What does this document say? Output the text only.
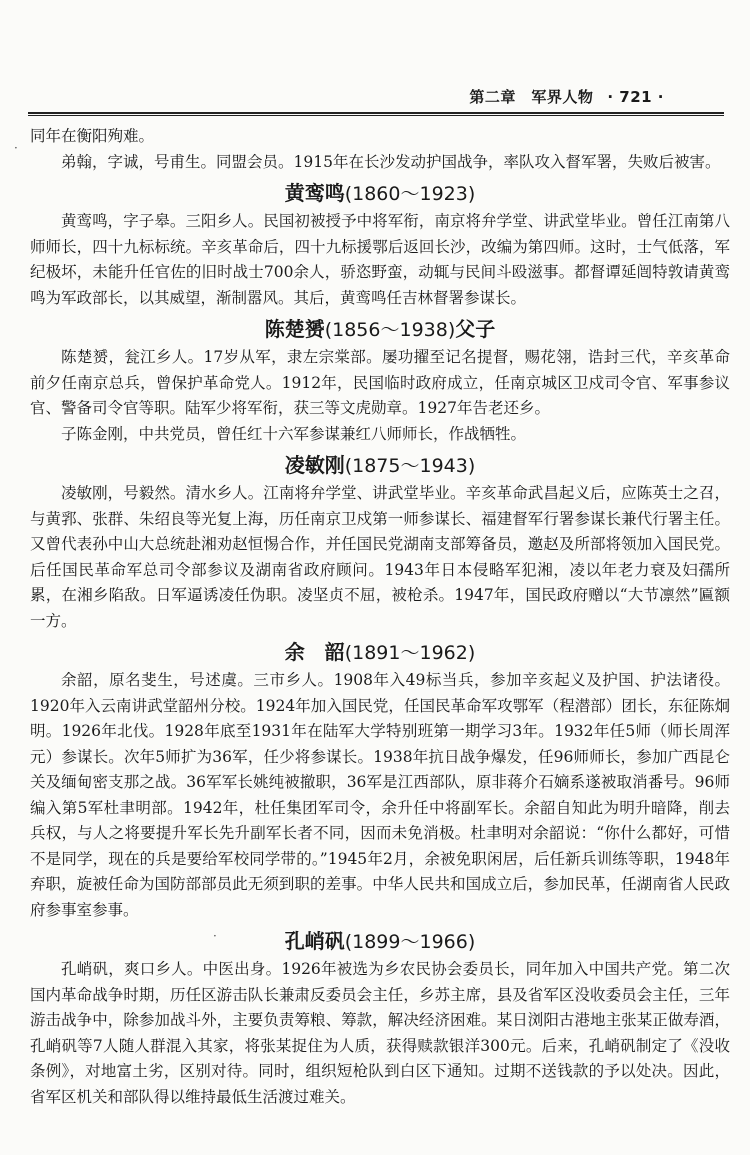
第二章　军界人物 · 721 ·
·
·

同年在衡阳殉难。

弟翰，字诚，号甫生。同盟会员。1915年在长沙发动护国战争，率队攻入督军署，失败后被害。

黄鸾鸣(1860～1923)

黄鸾鸣，字子皋。三阳乡人。民国初被授予中将军衔，南京将弁学堂、讲武堂毕业。曾任江南第八师师长，四十九标标统。辛亥革命后，四十九标援鄂后返回长沙，改编为第四师。这时，士气低落，军纪极坏，未能升任官佐的旧时战士700余人，骄恣野蛮，动辄与民间斗殴滋事。都督谭延闿特敦请黄鸾鸣为军政部长，以其威望，渐制嚣风。其后，黄鸾鸣任吉林督署参谋长。

陈楚赟(1856～1938)父子

陈楚赟，瓮江乡人。17岁从军，隶左宗棠部。屡功擢至记名提督，赐花翎，诰封三代，辛亥革命前夕任南京总兵，曾保护革命党人。1912年，民国临时政府成立，任南京城区卫戍司令官、军事参议官、警备司令官等职。陆军少将军衔，获三等文虎勋章。1927年告老还乡。

子陈金刚，中共党员，曾任红十六军参谋兼红八师师长，作战牺牲。

凌敏刚(1875～1943)

凌敏刚，号毅然。清水乡人。江南将弁学堂、讲武堂毕业。辛亥革命武昌起义后，应陈英士之召，与黄郛、张群、朱绍良等光复上海，历任南京卫戍第一师参谋长、福建督军行署参谋长兼代行署主任。又曾代表孙中山大总统赴湘劝赵恒惕合作，并任国民党湖南支部筹备员，邀赵及所部将领加入国民党。后任国民革命军总司令部参议及湖南省政府顾问。1943年日本侵略军犯湘，凌以年老力衰及妇孺所累，在湘乡陷敌。日军逼诱凌任伪职。凌坚贞不屈，被枪杀。1947年，国民政府赠以“大节凛然”匾额一方。

余　韶(1891～1962)

余韶，原名斐生，号述虞。三市乡人。1908年入49标当兵，参加辛亥起义及护国、护法诸役。1920年入云南讲武堂韶州分校。1924年加入国民党，任国民革命军攻鄂军（程潜部）团长，东征陈炯明。1926年北伐。1928年底至1931年在陆军大学特别班第一期学习3年。1932年任5师（师长周浑元）参谋长。次年5师扩为36军，任少将参谋长。1938年抗日战争爆发，任96师师长，参加广西昆仑关及缅甸密支那之战。36军军长姚纯被撤职，36军是江西部队，原非蒋介石嫡系遂被取消番号。96师编入第5军杜聿明部。1942年，杜任集团军司令，余升任中将副军长。余韶自知此为明升暗降，削去兵权，与人之将要提升军长先升副军长者不同，因而未免消极。杜聿明对余韶说：“你什么都好，可惜不是同学，现在的兵是要给军校同学带的。”1945年2月，余被免职闲居，后任新兵训练等职，1948年弃职，旋被任命为国防部部员此无须到职的差事。中华人民共和国成立后，参加民革，任湖南省人民政府参事室参事。

孔峭矾(1899～1966)

孔峭矾，爽口乡人。中医出身。1926年被选为乡农民协会委员长，同年加入中国共产党。第二次国内革命战争时期，历任区游击队长兼肃反委员会主任，乡苏主席，县及省军区没收委员会主任，三年游击战争中，除参加战斗外，主要负责筹粮、筹款，解决经济困难。某日浏阳古港地主张某正做寿酒，孔峭矾等7人随人群混入其家，将张某捉住为人质，获得赎款银洋300元。后来，孔峭矾制定了《没收条例》，对地富土劣，区别对待。同时，组织短枪队到白区下通知。过期不送钱款的予以处决。因此，省军区机关和部队得以维持最低生活渡过难关。
